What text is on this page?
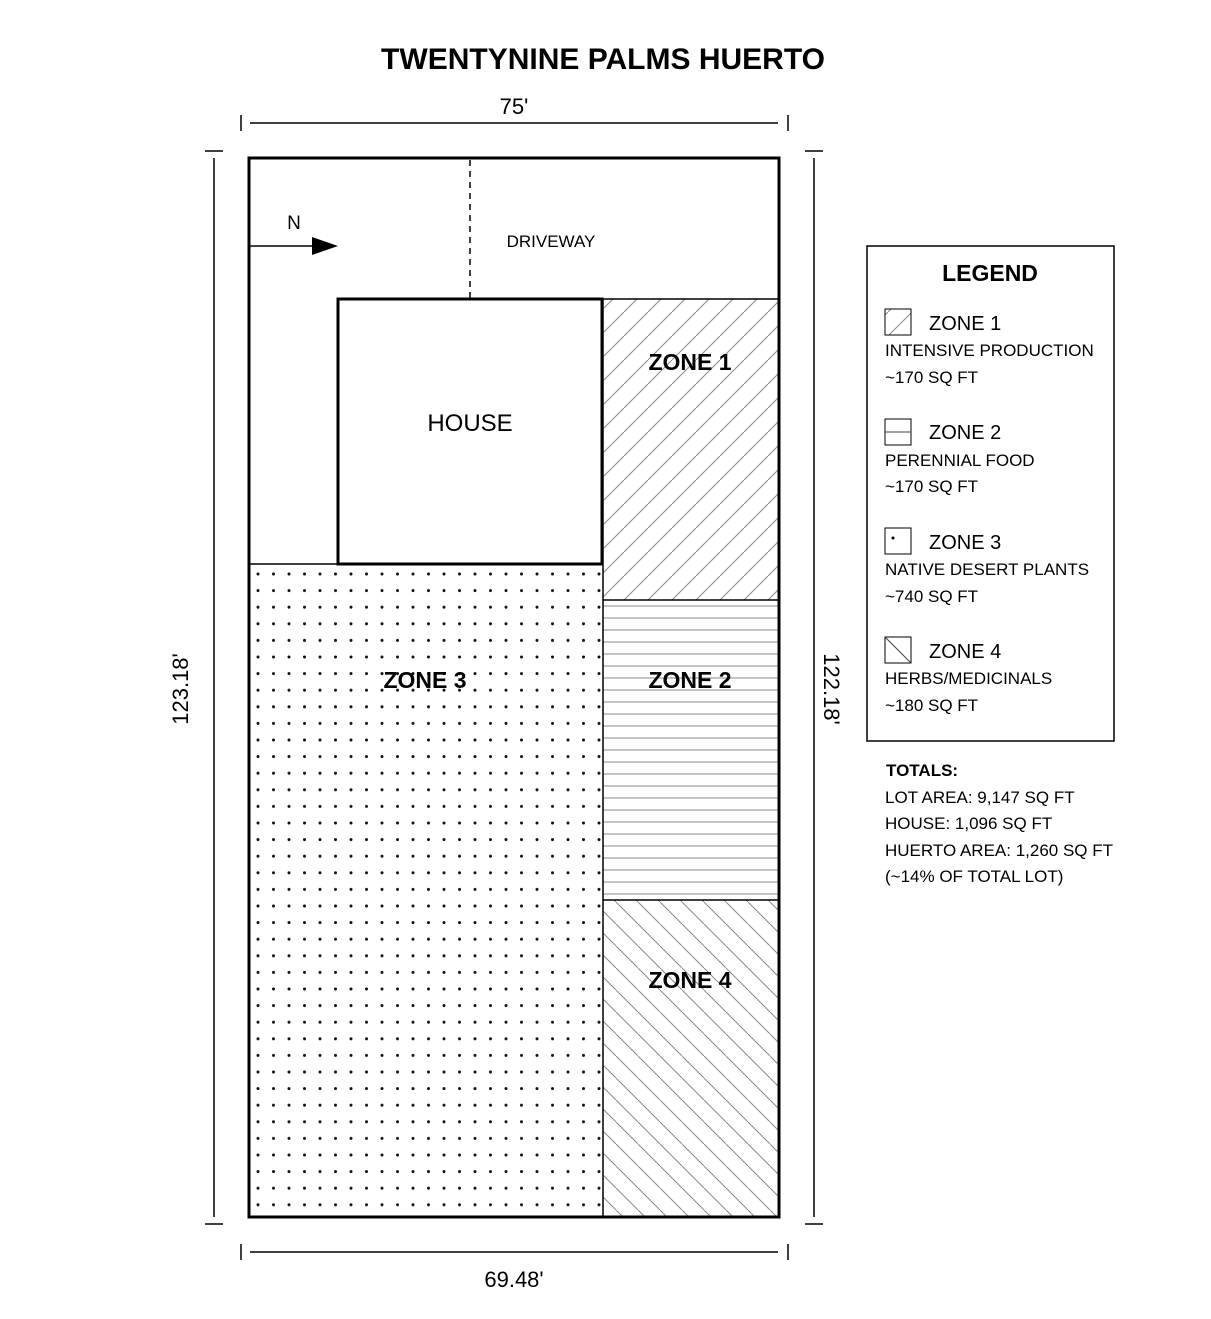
TWENTYNINE PALMS HUERTO
75'
69.48'
123.18'	122.18'
HOUSE
N
DRIVEWAY
ZONE 1
ZONE 2
ZONE 3
ZONE 4
LEGEND
ZONE 1
INTENSIVE PRODUCTION
~170 SQ FT
ZONE 2
PERENNIAL FOOD
~170 SQ FT
ZONE 3
NATIVE DESERT PLANTS
~740 SQ FT
ZONE 4
HERBS/MEDICINALS
~180 SQ FT
TOTALS:
LOT AREA: 9,147 SQ FT
HOUSE: 1,096 SQ FT
HUERTO AREA: 1,260 SQ FT
(~14% OF TOTAL LOT)
